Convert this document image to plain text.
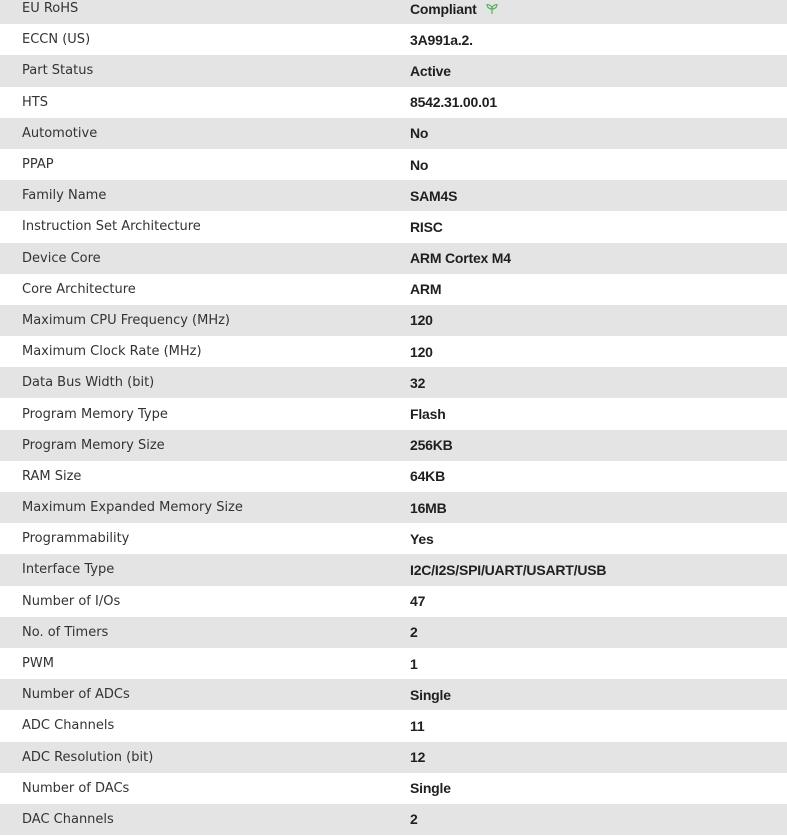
EU RoHS	Compliant
ECCN (US)	3A991a.2.
Part Status	Active
HTS	8542.31.00.01
Automotive	No
PPAP	No
Family Name	SAM4S
Instruction Set Architecture	RISC
Device Core	ARM Cortex M4
Core Architecture	ARM
Maximum CPU Frequency (MHz)	120
Maximum Clock Rate (MHz)	120
Data Bus Width (bit)	32
Program Memory Type	Flash
Program Memory Size	256KB
RAM Size	64KB
Maximum Expanded Memory Size	16MB
Programmability	Yes
Interface Type	I2C/I2S/SPI/UART/USART/USB
Number of I/Os	47
No. of Timers	2
PWM	1
Number of ADCs	Single
ADC Channels	11
ADC Resolution (bit)	12
Number of DACs	Single
DAC Channels	2
